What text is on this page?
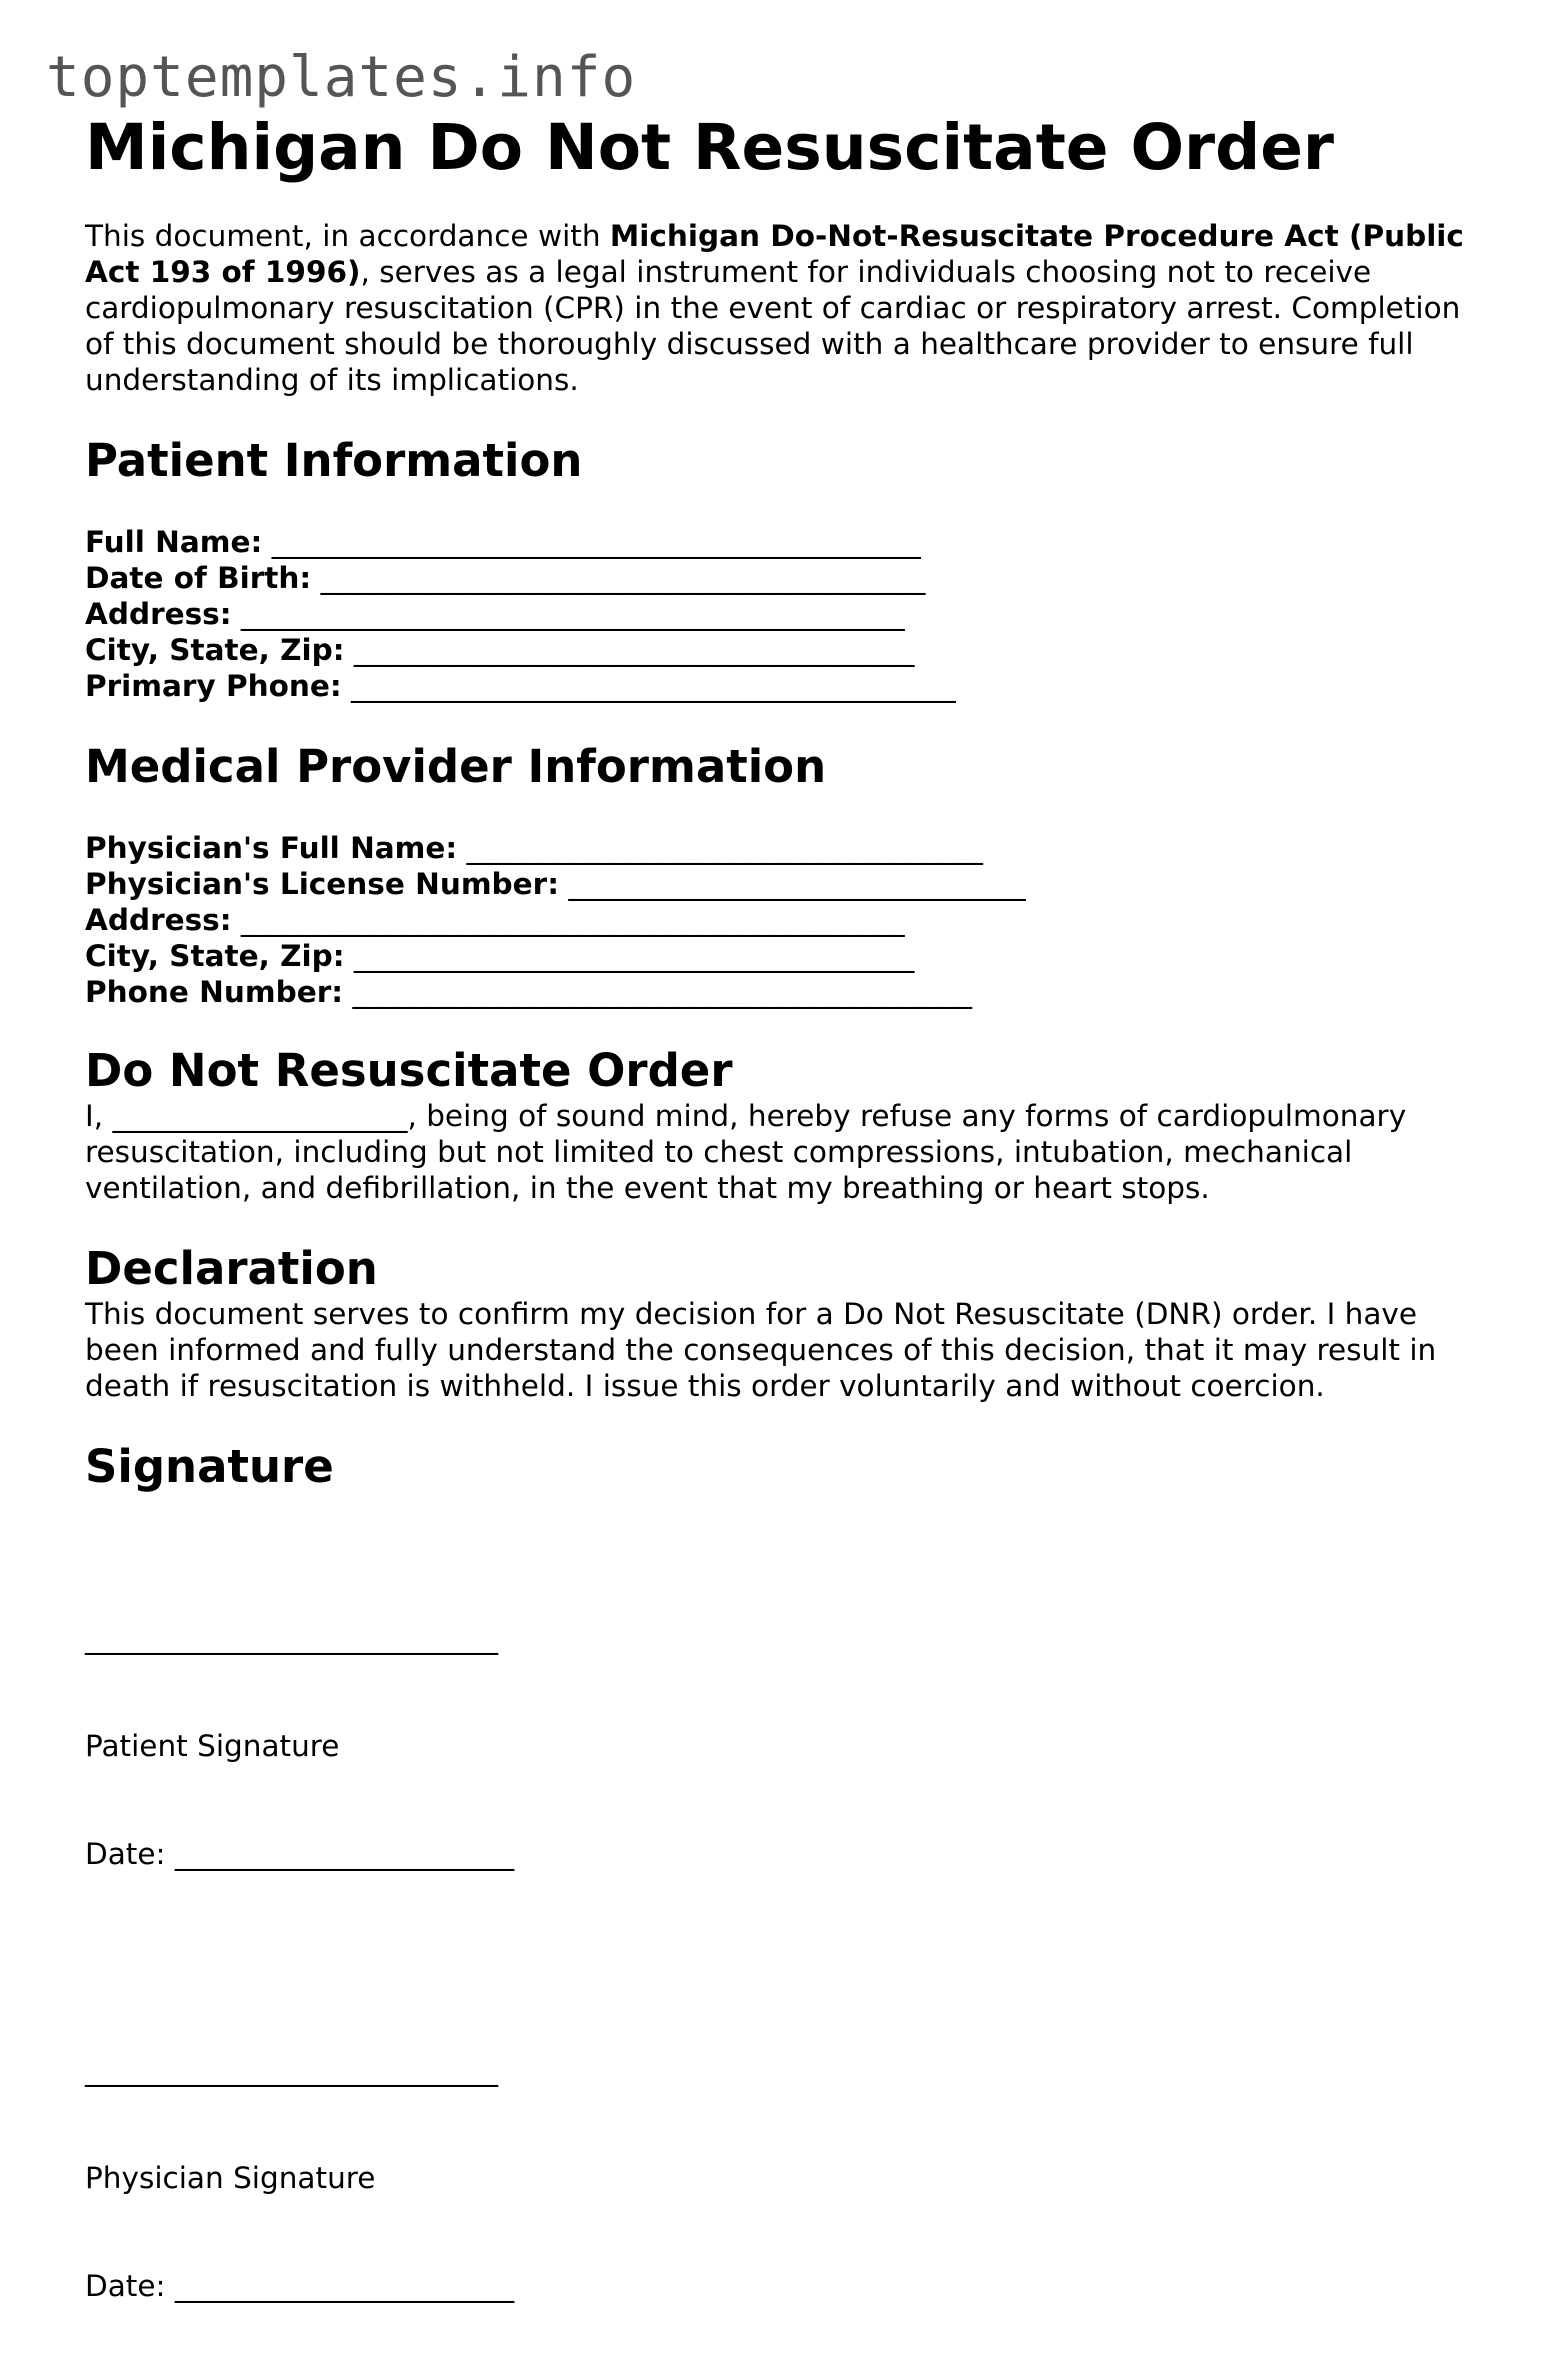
toptemplates.info
Michigan Do Not Resuscitate Order

This document, in accordance with Michigan Do-Not-Resuscitate Procedure Act (Public Act 193 of 1996), serves as a legal instrument for individuals choosing not to receive cardiopulmonary resuscitation (CPR) in the event of cardiac or respiratory arrest. Completion of this document should be thoroughly discussed with a healthcare provider to ensure full understanding of its implications.

Patient Information
Full Name: ____________________________________________
Date of Birth: _________________________________________
Address: _____________________________________________
City, State, Zip: ______________________________________
Primary Phone: _________________________________________
Medical Provider Information
Physician's Full Name: ___________________________________
Physician's License Number: _______________________________
Address: _____________________________________________
City, State, Zip: ______________________________________
Phone Number: __________________________________________
Do Not Resuscitate Order

I, ____________________, being of sound mind, hereby refuse any forms of cardiopulmonary resuscitation, including but not limited to chest compressions, intubation, mechanical ventilation, and defibrillation, in the event that my breathing or heart stops.

Declaration

This document serves to confirm my decision for a Do Not Resuscitate (DNR) order. I have been informed and fully understand the consequences of this decision, that it may result in death if resuscitation is withheld. I issue this order voluntarily and without coercion.

Signature

____________________________

Patient Signature

Date: _______________________

____________________________

Physician Signature

Date: _______________________
